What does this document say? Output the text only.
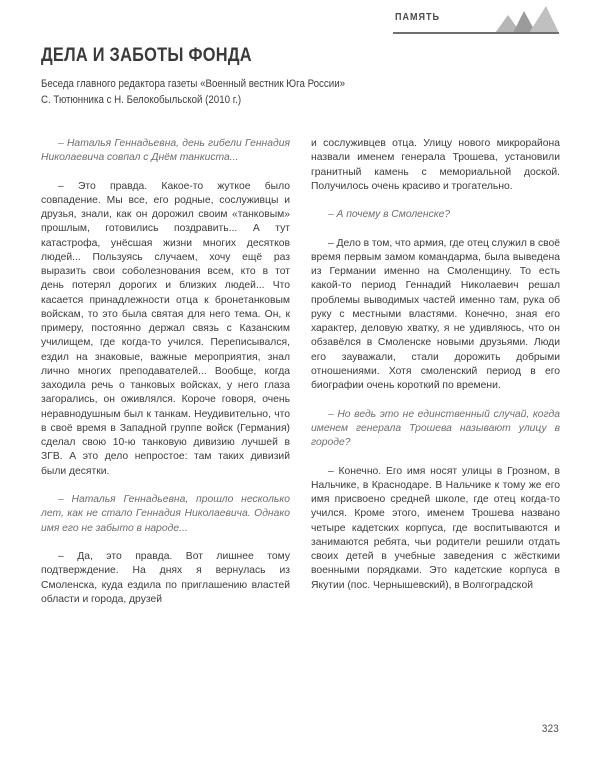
ПАМЯТЬ
ДЕЛА И ЗАБОТЫ ФОНДА
Беседа главного редактора газеты «Военный вестник Юга России»
С. Тютюнника с Н. Белокобыльской (2010 г.)

– Наталья Геннадьевна, день гибели Геннадия Николаевича совпал с Днём танкиста...

– Это правда. Какое-то жуткое было совпадение. Мы все, его родные, сослуживцы и друзья, знали, как он дорожил своим «танковым» прошлым, готовились поздравить... А тут катастрофа, унёсшая жизни многих десятков людей... Пользуясь случаем, хочу ещё раз выразить свои соболезнования всем, кто в тот день потерял дорогих и близких людей... Что касается принадлежности отца к бронетанковым войскам, то это была святая для него тема. Он, к примеру, постоянно держал связь с Казанским училищем, где когда-то учился. Переписывался, ездил на знаковые, важные мероприятия, знал лично многих преподавателей... Вообще, когда заходила речь о танковых войсках, у него глаза загорались, он оживлялся. Короче говоря, очень неравнодушным был к танкам. Неудивительно, что в своё время в Западной группе войск (Германия) сделал свою 10-ю танковую дивизию лучшей в ЗГВ. А это дело непростое: там таких дивизий были десятки.

– Наталья Геннадьевна, прошло несколько лет, как не стало Геннадия Николаевича. Однако имя его не забыто в народе...

– Да, это правда. Вот лишнее тому подтверждение. На днях я вернулась из Смоленска, куда ездила по приглашению властей области и города, друзей

и сослуживцев отца. Улицу нового микрорайона назвали именем генерала Трошева, установили гранитный камень с мемориальной доской. Получилось очень красиво и трогательно.

– А почему в Смоленске?

– Дело в том, что армия, где отец служил в своё время первым замом командарма, была выведена из Германии именно на Смоленщину. То есть какой-то период Геннадий Николаевич решал проблемы выводимых частей именно там, рука об руку с местными властями. Конечно, зная его характер, деловую хватку, я не удивляюсь, что он обзавёлся в Смоленске новыми друзьями. Люди его зауважали, стали дорожить добрыми отношениями. Хотя смоленский период в его биографии очень короткий по времени.

– Но ведь это не единственный случай, когда именем генерала Трошева называют улицу в городе?

– Конечно. Его имя носят улицы в Грозном, в Нальчике, в Краснодаре. В Нальчике к тому же его имя присвоено средней школе, где отец когда-то учился. Кроме этого, именем Трошева названо четыре кадетских корпуса, где воспитываются и занимаются ребята, чьи родители решили отдать своих детей в учебные заведения с жёсткими военными порядками. Это кадетские корпуса в Якутии (пос. Чернышевский), в Волгоградской

323
